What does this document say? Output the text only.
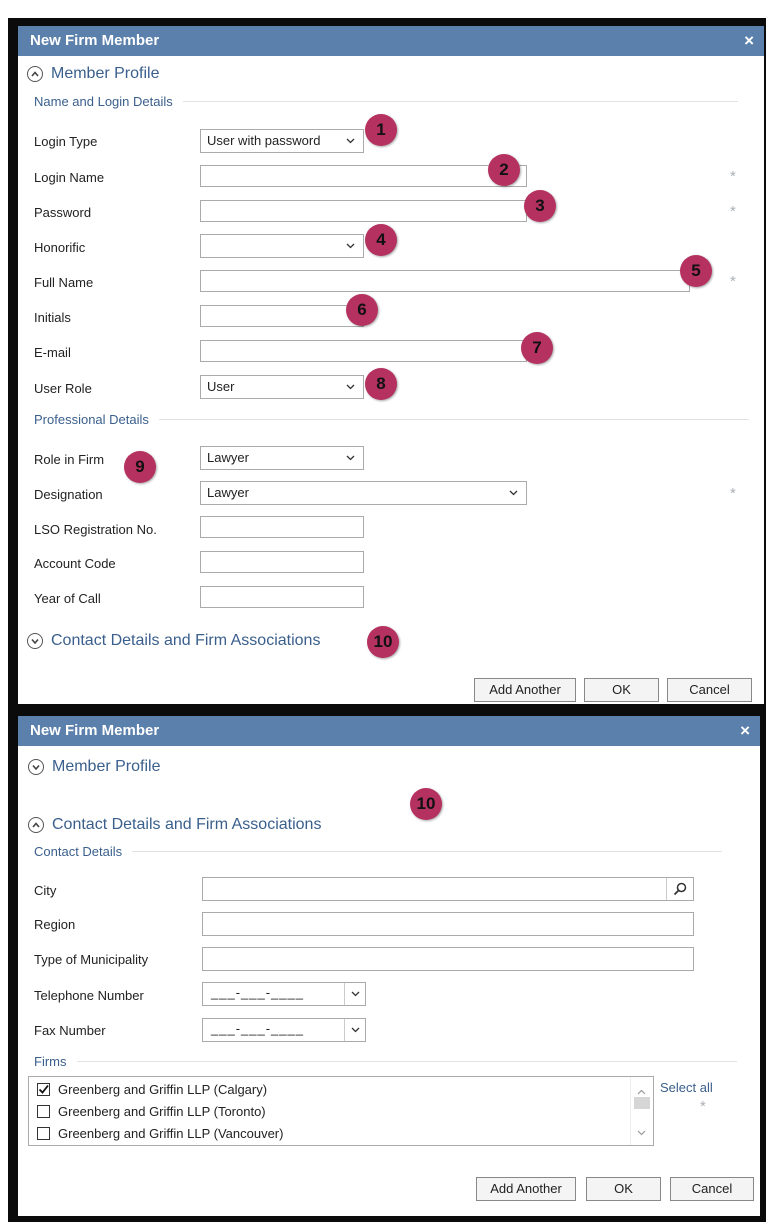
New Firm Member	×
Member Profile
Name and Login Details
Login Type	User with password
Login Name	*
Password	*
Honorific
Full Name	*
Initials
E-mail
User Role	User
Professional Details
Role in Firm	Lawyer
Designation	Lawyer	*
LSO Registration No.
Account Code
Year of Call
Contact Details and Firm Associations
Add Another	OK	Cancel
1
2
3
4
5
6
7
8
9
10
New Firm Member	×
Member Profile
10
Contact Details and Firm Associations
Contact Details
City
Region
Type of Municipality
Telephone Number	___-___-____
Fax Number	___-___-____
Firms
Greenberg and Griffin LLP (Calgary)
Greenberg and Griffin LLP (Toronto)
Greenberg and Griffin LLP (Vancouver)
Select all
*
Add Another	OK	Cancel
